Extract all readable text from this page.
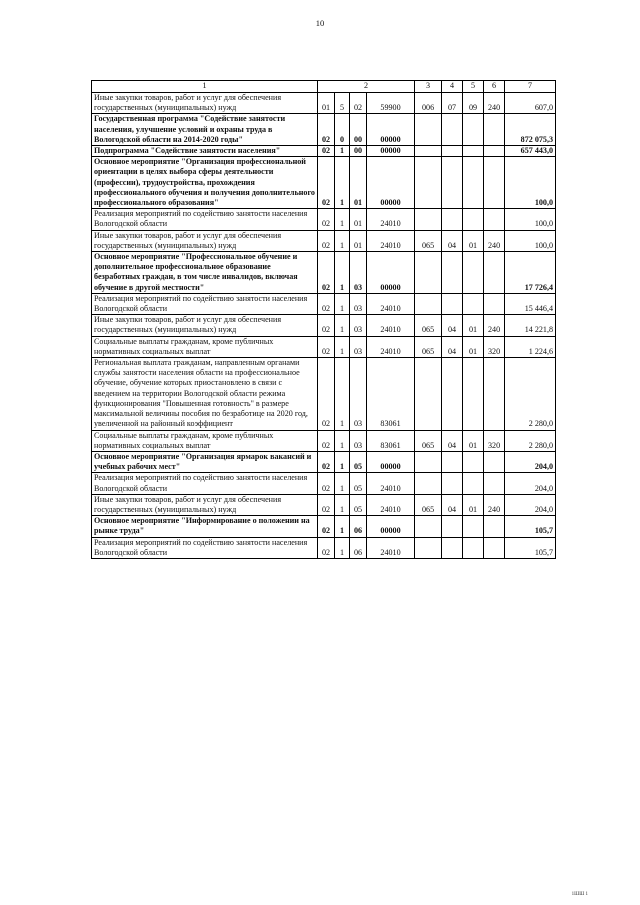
10
1	2				3	4	5	6	7
Иные закупки товаров, работ и услуг для обеспечения государственных (муниципальных) нужд	01	5	02	59900	006	07	09	240	607,0
Государственная программа "Содействие занятости населения, улучшение условий и охраны труда в Вологодской области на 2014-2020 годы"	02	0	00	00000					872 075,3
Подпрограмма "Содействие занятости населения"	02	1	00	00000					657 443,0
Основное мероприятие "Организация профессиональной ориентации в целях выбора сферы деятельности (профессии), трудоустройства, прохождения профессионального обучения и получения дополнительного профессионального образования"	02	1	01	00000					100,0
Реализация мероприятий по содействию занятости населения Вологодской области	02	1	01	24010					100,0
Иные закупки товаров, работ и услуг для обеспечения государственных (муниципальных) нужд	02	1	01	24010	065	04	01	240	100,0
Основное мероприятие "Профессиональное обучение и дополнительное профессиональное образование безработных граждан, в том числе инвалидов, включая обучение в другой местности"	02	1	03	00000					17 726,4
Реализация мероприятий по содействию занятости населения Вологодской области	02	1	03	24010					15 446,4
Иные закупки товаров, работ и услуг для обеспечения государственных (муниципальных) нужд	02	1	03	24010	065	04	01	240	14 221,8
Социальные выплаты гражданам, кроме публичных нормативных социальных выплат	02	1	03	24010	065	04	01	320	1 224,6
Региональная выплата гражданам, направленным органами службы занятости населения области на профессиональное обучение, обучение которых приостановлено в связи с введением на территории Вологодской области режима функционирования "Повышенная готовность" в размере максимальной величины пособия по безработице на 2020 год, увеличенной на районный коэффициент	02	1	03	83061					2 280,0
Социальные выплаты гражданам, кроме публичных нормативных социальных выплат	02	1	03	83061	065	04	01	320	2 280,0
Основное мероприятие "Организация ярмарок вакансий и учебных рабочих мест"	02	1	05	00000					204,0
Реализация мероприятий по содействию занятости населения Вологодской области	02	1	05	24010					204,0
Иные закупки товаров, работ и услуг для обеспечения государственных (муниципальных) нужд	02	1	05	24010	065	04	01	240	204,0
Основное мероприятие "Информирование о положении на рынке труда"	02	1	06	00000					105,7
Реализация мероприятий по содействию занятости населения Вологодской области	02	1	06	24010					105,7
1ШШ 1
